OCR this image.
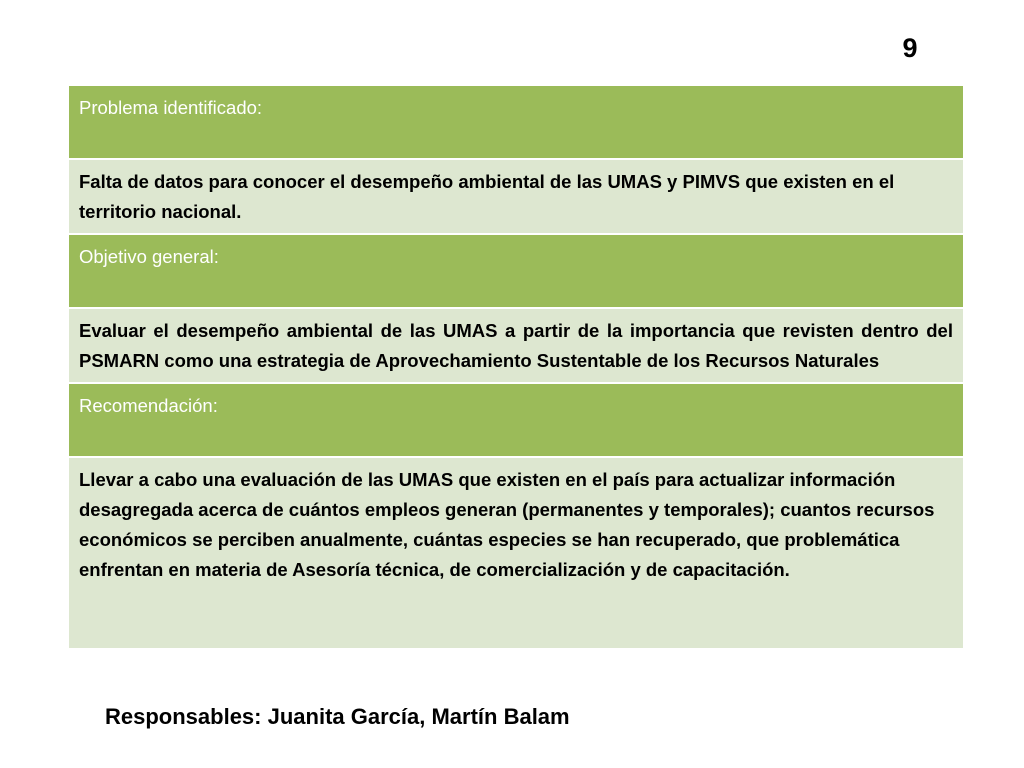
9
Problema identificado:
Falta de datos para conocer el desempeño ambiental de las UMAS y PIMVS que existen en el territorio nacional.
Objetivo general:
Evaluar el desempeño ambiental de las UMAS a partir de la importancia que revisten dentro del PSMARN como una estrategia de Aprovechamiento Sustentable de los Recursos Naturales
Recomendación:
Llevar a cabo una evaluación de las UMAS que existen en el país para actualizar información desagregada acerca de cuántos empleos generan (permanentes y temporales); cuantos recursos económicos se perciben anualmente, cuántas especies se han recuperado, que problemática enfrentan en materia de Asesoría técnica, de comercialización y de capacitación.
Responsables: Juanita García, Martín Balam
